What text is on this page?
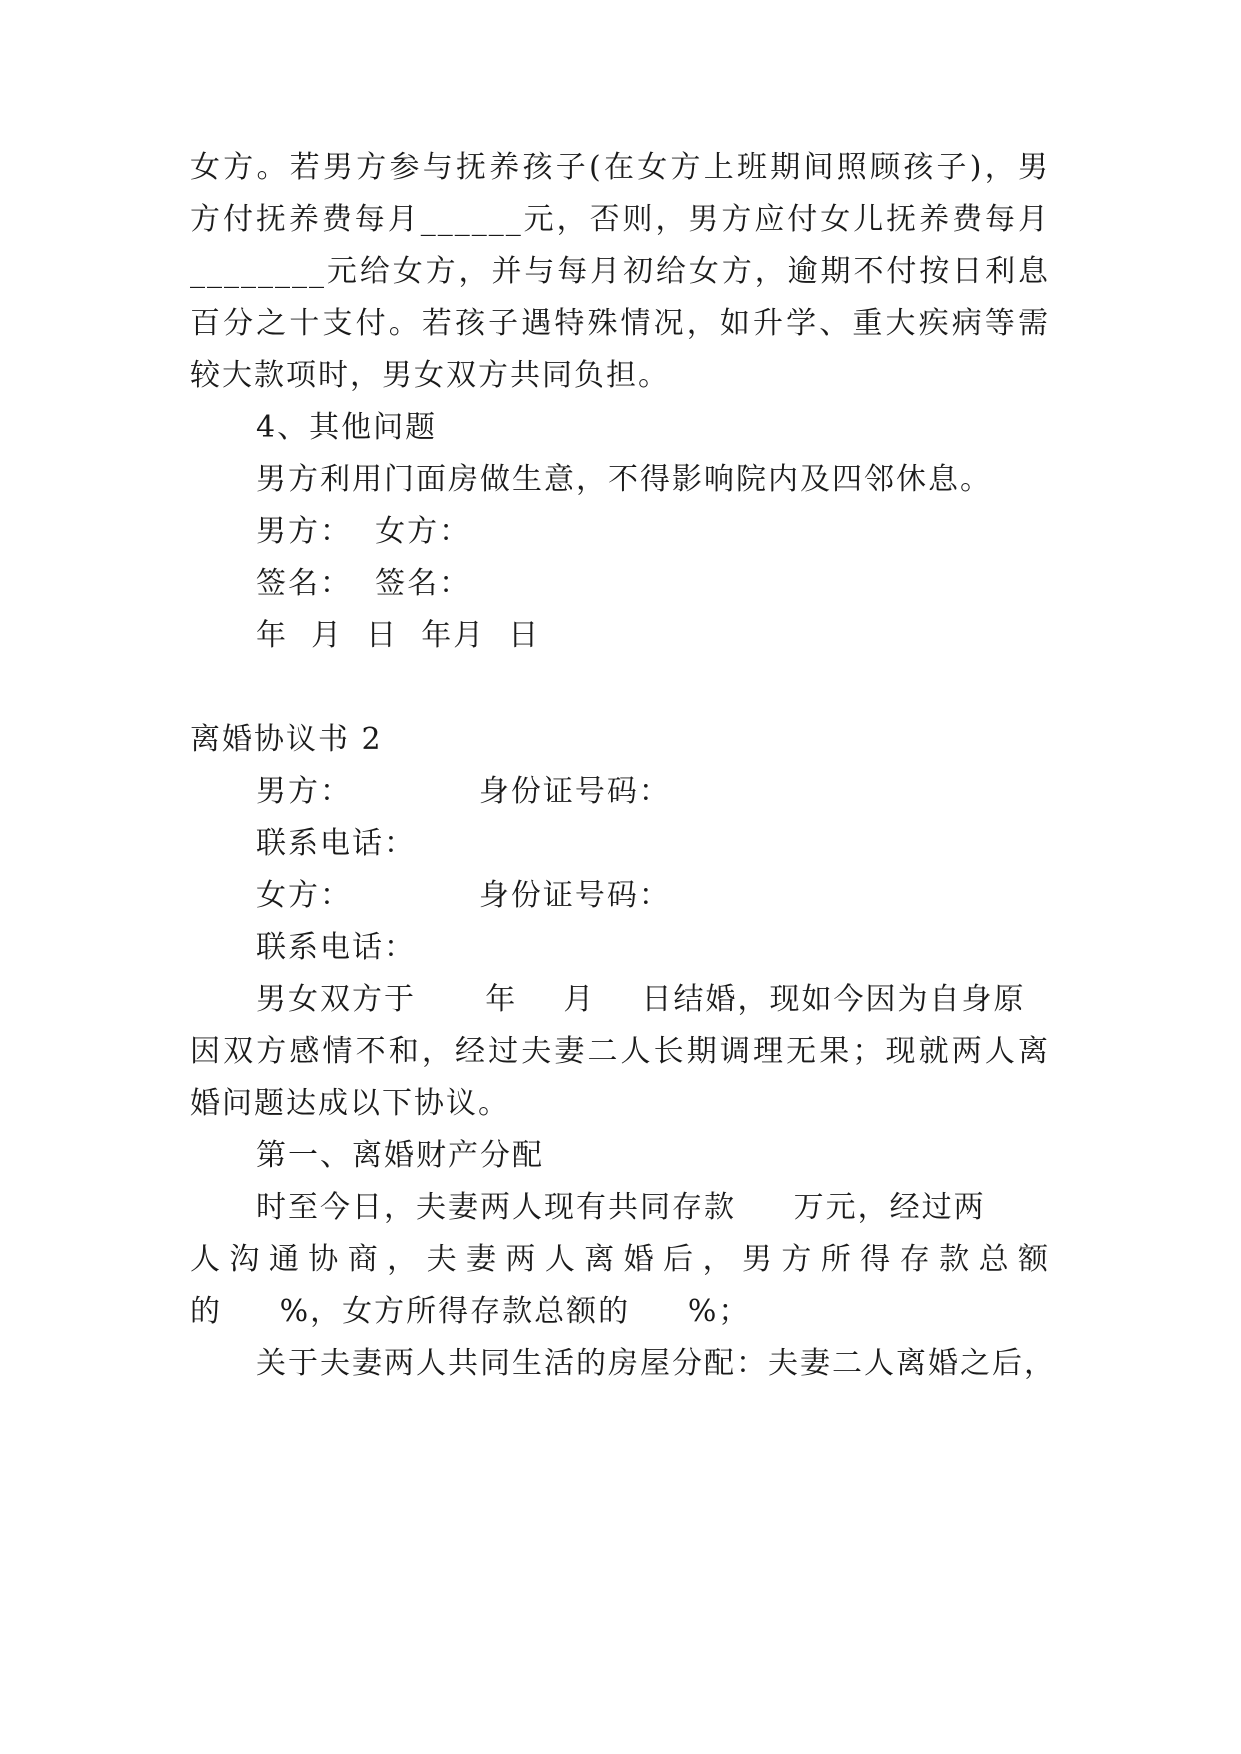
女方。若男方参与抚养孩子(在女方上班期间照顾孩子)，男
方付抚养费每月______元，否则，男方应付女儿抚养费每月
________元给女方，并与每月初给女方，逾期不付按日利息
百分之十支付。若孩子遇特殊情况，如升学、重大疾病等需
较大款项时，男女双方共同负担。
4、其他问题
男方利用门面房做生意，不得影响院内及四邻休息。
男方：  女方：
签名：  签名：
年  月  日  年月  日
离婚协议书 2
男方：           身份证号码：
联系电话：
女方：           身份证号码：
联系电话：
男女双方于      年    月    日结婚，现如今因为自身原
因双方感情不和，经过夫妻二人长期调理无果；现就两人离
婚问题达成以下协议。
第一、离婚财产分配
时至今日，夫妻两人现有共同存款     万元，经过两
人沟通协商，夫妻两人离婚后，男方所得存款总额
的     %，女方所得存款总额的     %；
关于夫妻两人共同生活的房屋分配：夫妻二人离婚之后，
